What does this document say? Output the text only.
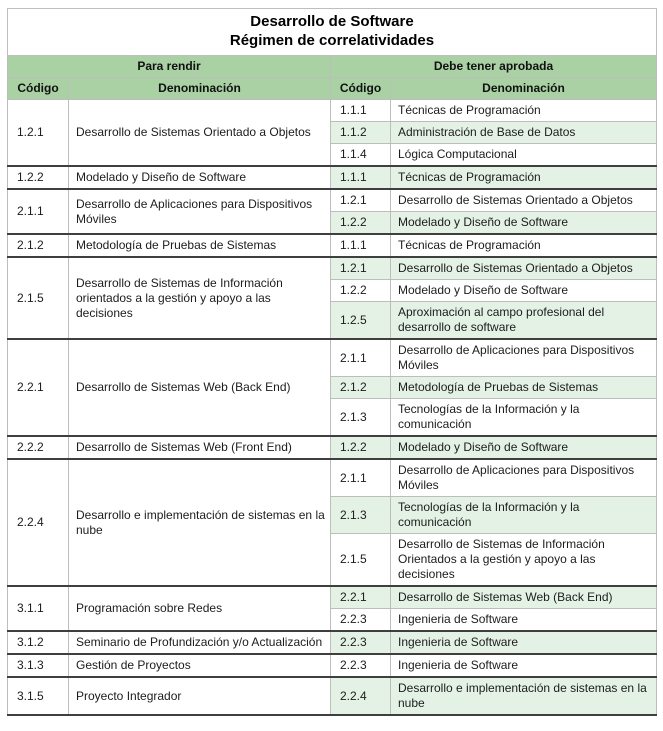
Desarrollo de Software
Régimen de correlatividades			

Para rendir		Debe tener aprobada	
Código	Denominación	Código	Denominación
1.2.1	Desarrollo de Sistemas Orientado a Objetos	1.1.1	Técnicas de Programación
		1.1.2	Administración de Base de Datos
		1.1.4	Lógica Computacional
1.2.2	Modelado y Diseño de Software	1.1.1	Técnicas de Programación
2.1.1	Desarrollo de Aplicaciones para Dispositivos Móviles	1.2.1	Desarrollo de Sistemas Orientado a Objetos
		1.2.2	Modelado y Diseño de Software
2.1.2	Metodología de Pruebas de Sistemas	1.1.1	Técnicas de Programación
2.1.5	Desarrollo de Sistemas de Información orientados a la gestión y apoyo a las decisiones	1.2.1	Desarrollo de Sistemas Orientado a Objetos
		1.2.2	Modelado y Diseño de Software
		1.2.5	Aproximación al campo profesional del desarrollo de software
2.2.1	Desarrollo de Sistemas Web (Back End)	2.1.1	Desarrollo de Aplicaciones para Dispositivos Móviles
		2.1.2	Metodología de Pruebas de Sistemas
		2.1.3	Tecnologías de la Información y la comunicación
2.2.2	Desarrollo de Sistemas Web (Front End)	1.2.2	Modelado y Diseño de Software
2.2.4	Desarrollo e implementación de sistemas en la nube	2.1.1	Desarrollo de Aplicaciones para Dispositivos Móviles
		2.1.3	Tecnologías de la Información y la comunicación
		2.1.5	Desarrollo de Sistemas de Información Orientados a la gestión y apoyo a las decisiones
3.1.1	Programación sobre Redes	2.2.1	Desarrollo de Sistemas Web (Back End)
		2.2.3	Ingenieria de Software
3.1.2	Seminario de Profundización y/o Actualización	2.2.3	Ingenieria de Software
3.1.3	Gestión de Proyectos	2.2.3	Ingenieria de Software
3.1.5	Proyecto Integrador	2.2.4	Desarrollo e implementación de sistemas en la nube
